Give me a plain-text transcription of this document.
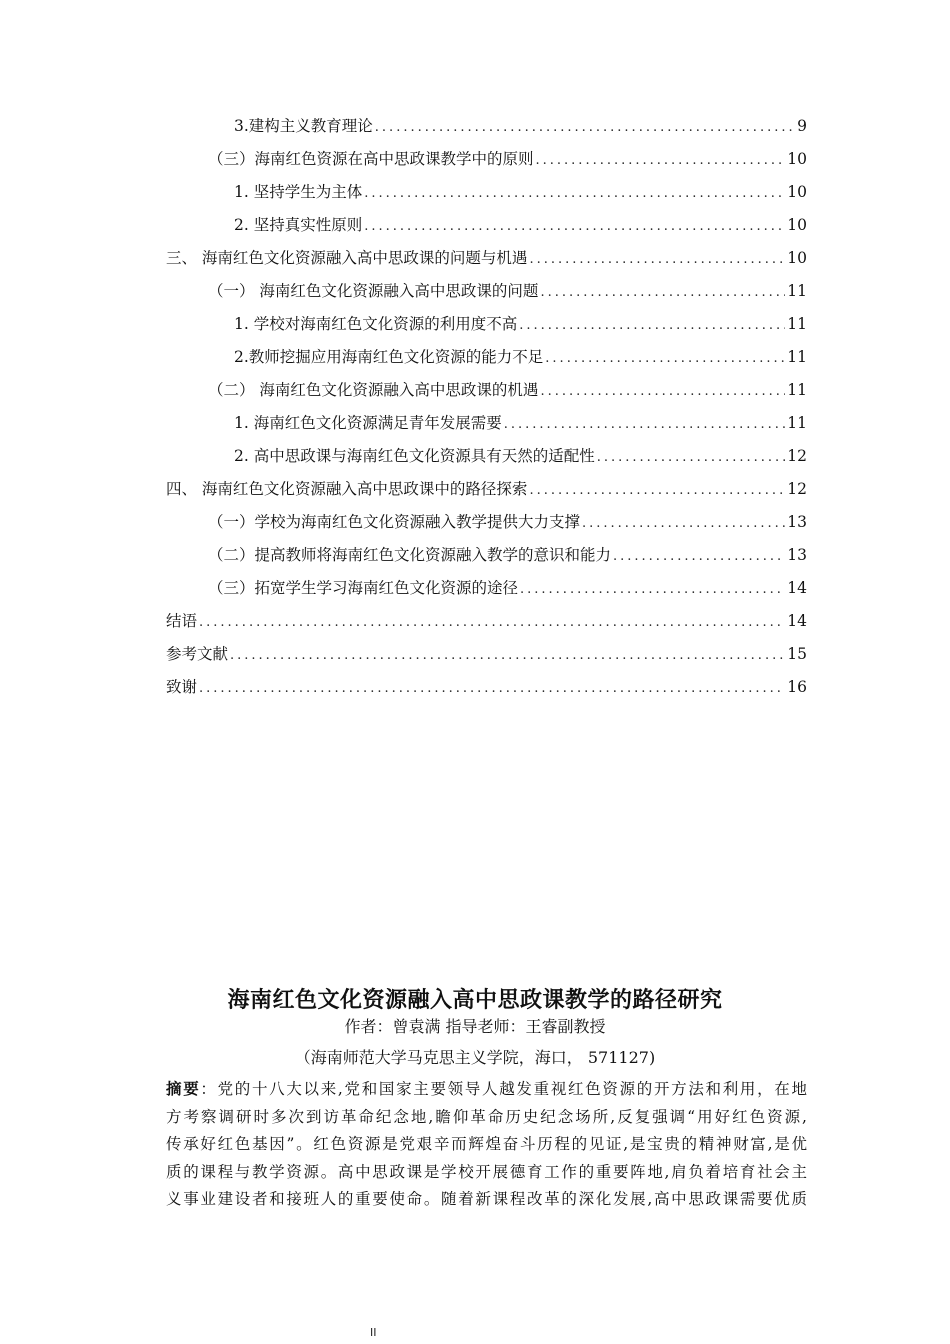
3.建构主义教育理论 .....	9
（三）海南红色资源在高中思政课教学中的原则 .....	10
1. 坚持学生为主体 .....	10
2. 坚持真实性原则 .....	10
三、 海南红色文化资源融入高中思政课的问题与机遇 .....	10
（一） 海南红色文化资源融入高中思政课的问题 .....	11
1. 学校对海南红色文化资源的利用度不高 .....	11
2.教师挖掘应用海南红色文化资源的能力不足 .....	11
（二） 海南红色文化资源融入高中思政课的机遇 .....	11
1. 海南红色文化资源满足青年发展需要 .....	11
2. 高中思政课与海南红色文化资源具有天然的适配性 .....	12
四、 海南红色文化资源融入高中思政课中的路径探索 .....	12
（一）学校为海南红色文化资源融入教学提供大力支撑 .....	13
（二）提高教师将海南红色文化资源融入教学的意识和能力 .....	13
（三）拓宽学生学习海南红色文化资源的途径 .....	14
结语 .....	14
参考文献 .....	15
致谢 .....	16
海南红色文化资源融入高中思政课教学的路径研究
作者：曾袁满 指导老师：王睿副教授
（海南师范大学马克思主义学院，海口， 571127)
摘要：党的十八大以来,党和国家主要领导人越发重视红色资源的开方法和利用，在地
方考察调研时多次到访革命纪念地,瞻仰革命历史纪念场所,反复强调“用好红色资源,
传承好红色基因”。红色资源是党艰辛而辉煌奋斗历程的见证,是宝贵的精神财富,是优
质的课程与教学资源。高中思政课是学校开展德育工作的重要阵地,肩负着培育社会主
义事业建设者和接班人的重要使命。随着新课程改革的深化发展,高中思政课需要优质
II
